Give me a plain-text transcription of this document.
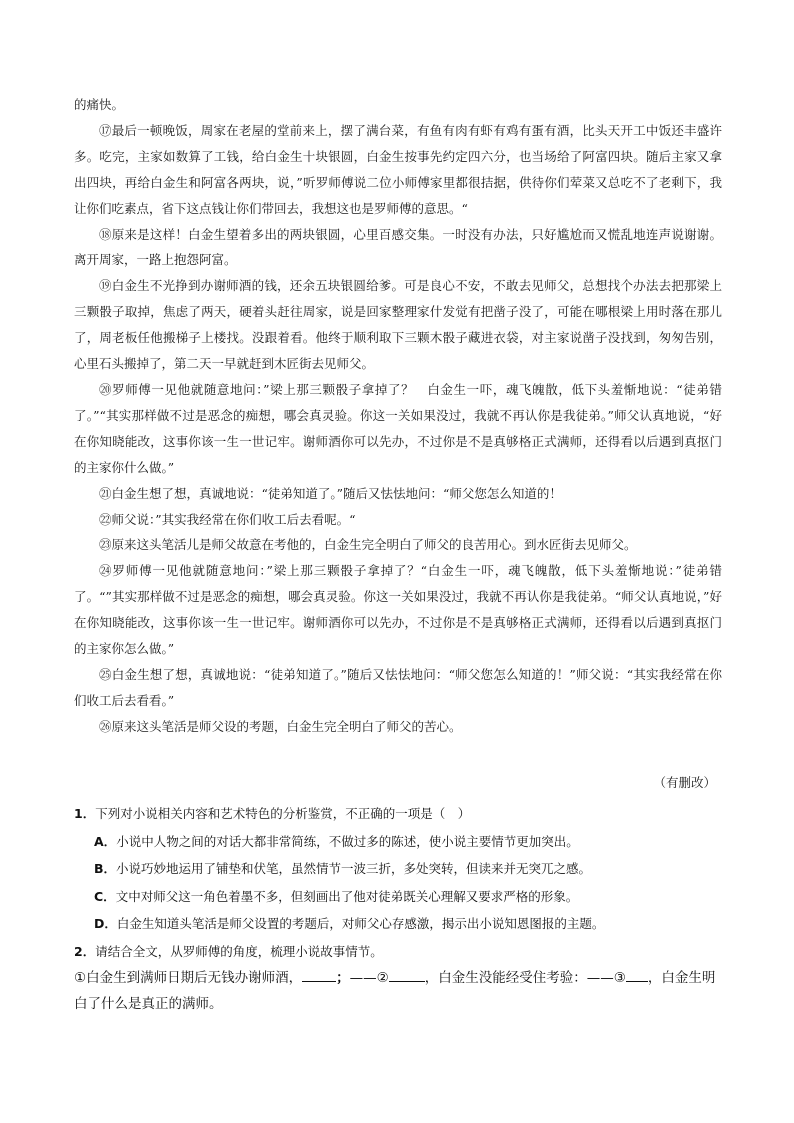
的痛快。

⑰最后一顿晚饭，周家在老屋的堂前来上，摆了满台菜，有鱼有肉有虾有鸡有蛋有酒，比头天开工中饭还丰盛许多。吃完，主家如数算了工钱，给白金生十块银圆，白金生按事先约定四六分，也当场给了阿富四块。随后主家又拿出四块，再给白金生和阿富各两块，说，”听罗师傅说二位小师傅家里都很拮据，供待你们荤菜又总吃不了老剩下，我让你们吃素点，省下这点钱让你们带回去，我想这也是罗师傅的意思。“

⑱原来是这样！白金生望着多出的两块银圆，心里百感交集。一时没有办法，只好尴尬而又慌乱地连声说谢谢。离开周家，一路上抱怨阿富。

⑲白金生不光挣到办谢师酒的钱，还余五块银圆给爹。可是良心不安，不敢去见师父，总想找个办法去把那梁上三颗骰子取掉，焦虑了两天，硬着头赶往周家，说是回家整理家什发觉有把凿子没了，可能在哪根梁上用时落在那儿了，周老板任他搬梯子上楼找。没跟着看。他终于顺利取下三颗木骰子藏进衣袋，对主家说凿子没找到，匆匆告别，心里石头搬掉了，第二天一早就赶到木匠街去见师父。

⑳罗师傅一见他就随意地问：”梁上那三颗骰子拿掉了？　白金生一吓，魂飞魄散，低下头羞惭地说：“徒弟错了。”“其实那样做不过是恶念的痴想，哪会真灵验。你这一关如果没过，我就不再认你是我徒弟。”师父认真地说，“好在你知晓能改，这事你该一生一世记牢。谢师酒你可以先办，不过你是不是真够格正式满师，还得看以后遇到真抠门的主家你什么做。”

㉑白金生想了想，真诚地说：“徒弟知道了。”随后又怯怯地问：“师父您怎么知道的！

㉒师父说：”其实我经常在你们收工后去看呢。“

㉓原来这头笔活儿是师父故意在考他的，白金生完全明白了师父的良苦用心。到水匠街去见师父。

㉔罗师傅一见他就随意地问：”梁上那三颗骰子拿掉了？“白金生一吓，魂飞魄散，低下头羞惭地说：”徒弟错了。“”其实那样做不过是恶念的痴想，哪会真灵验。你这一关如果没过，我就不再认你是我徒弟。“师父认真地说，”好在你知晓能改，这事你该一生一世记牢。谢师酒你可以先办，不过你是不是真够格正式满师，还得看以后遇到真抠门的主家你怎么做。”

㉕白金生想了想，真诚地说：“徒弟知道了。”随后又怯怯地问：“师父您怎么知道的！”师父说：“其实我经常在你们收工后去看看。”

㉖原来这头笔活是师父设的考题，白金生完全明白了师父的苦心。

（有删改）

1．下列对小说相关内容和艺术特色的分析鉴赏，不正确的一项是（　）

A．小说中人物之间的对话大都非常简练，不做过多的陈述，使小说主要情节更加突出。

B．小说巧妙地运用了铺垫和伏笔，虽然情节一波三折，多处突转，但读来并无突兀之感。

C．文中对师父这一角色着墨不多，但刻画出了他对徒弟既关心理解又要求严格的形象。

D．白金生知道头笔活是师父设置的考题后，对师父心存感激，揭示出小说知恩图报的主题。

2．请结合全文，从罗师傅的角度，梳理小说故事情节。

①白金生到满师日期后无钱办谢师酒，	；——②	，白金生没能经受住考验：——③ ，白金生明白了什么是真正的满师。
